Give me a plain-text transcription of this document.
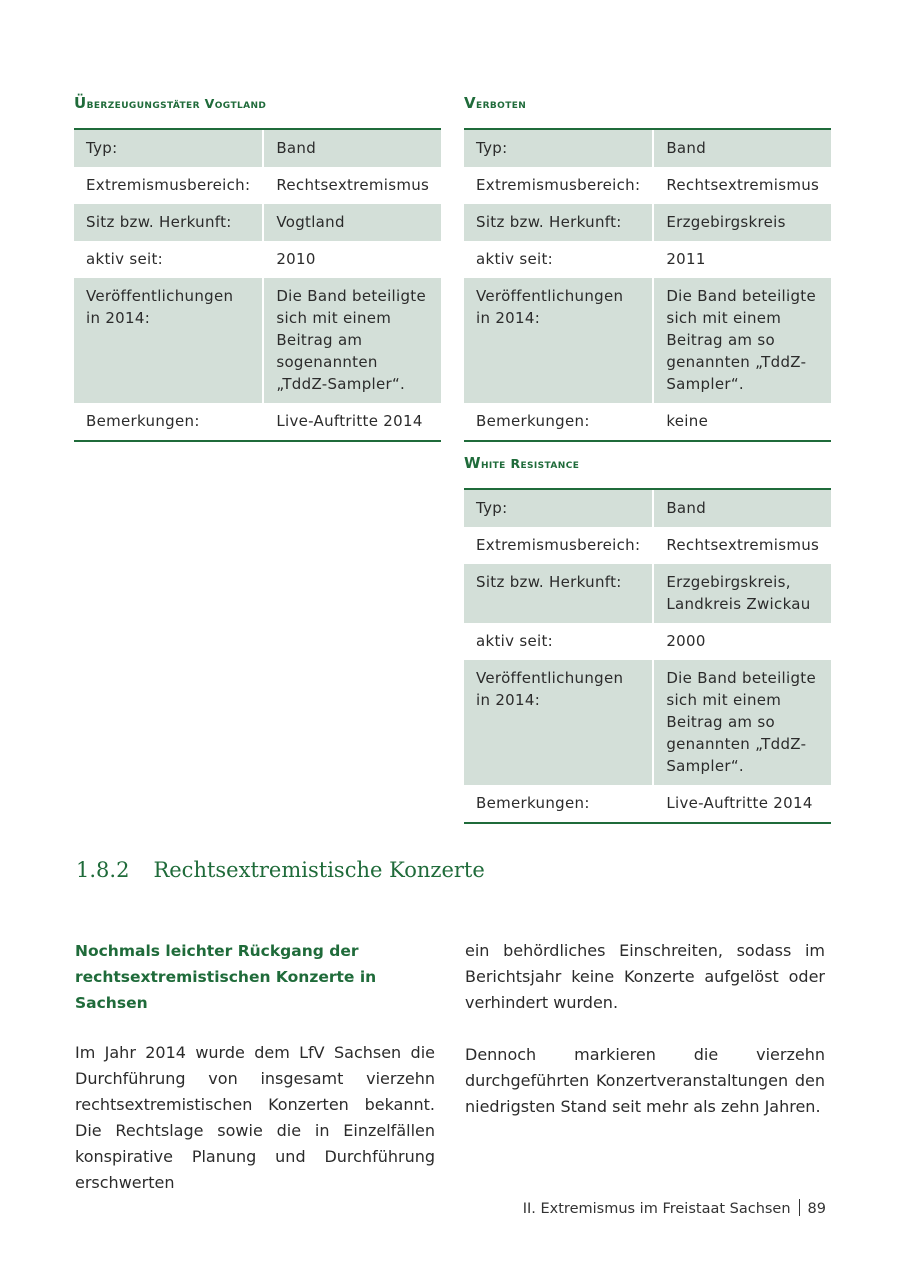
Überzeugungstäter Vogtland
Typ:	Band
Extremismusbereich:	Rechtsextremismus
Sitz bzw. Herkunft:	Vogtland
aktiv seit:	2010
Veröffentlichungen in 2014:	Die Band beteiligte sich mit einem Beitrag am sogenannten „TddZ-Sampler“.
Bemerkungen:	Live-Auftritte 2014
Verboten
Typ:	Band
Extremismusbereich:	Rechtsextremismus
Sitz bzw. Herkunft:	Erzgebirgskreis
aktiv seit:	2011
Veröffentlichungen in 2014:	Die Band beteiligte sich mit einem Beitrag am so genannten „TddZ-Sampler“.
Bemerkungen:	keine
White Resistance
Typ:	Band
Extremismusbereich:	Rechtsextremismus
Sitz bzw. Herkunft:	Erzgebirgskreis, Landkreis Zwickau
aktiv seit:	2000
Veröffentlichungen in 2014:	Die Band beteiligte sich mit einem Beitrag am so genannten „TddZ-Sampler“.
Bemerkungen:	Live-Auftritte 2014
1.8.2 Rechtsextremistische Konzerte
Nochmals leichter Rückgang der rechtsextremistischen Konzerte in Sachsen

Im Jahr 2014 wurde dem LfV Sachsen die Durchführung von insgesamt vierzehn rechtsextremistischen Konzerten bekannt. Die Rechtslage sowie die in Einzelfällen konspirative Planung und Durchführung erschwerten

ein behördliches Einschreiten, sodass im Berichtsjahr keine Konzerte aufgelöst oder verhindert wurden.

Dennoch markieren die vierzehn durchgeführten Konzertveranstaltungen den niedrigsten Stand seit mehr als zehn Jahren.

II. Extremismus im Freistaat Sachsen 89
